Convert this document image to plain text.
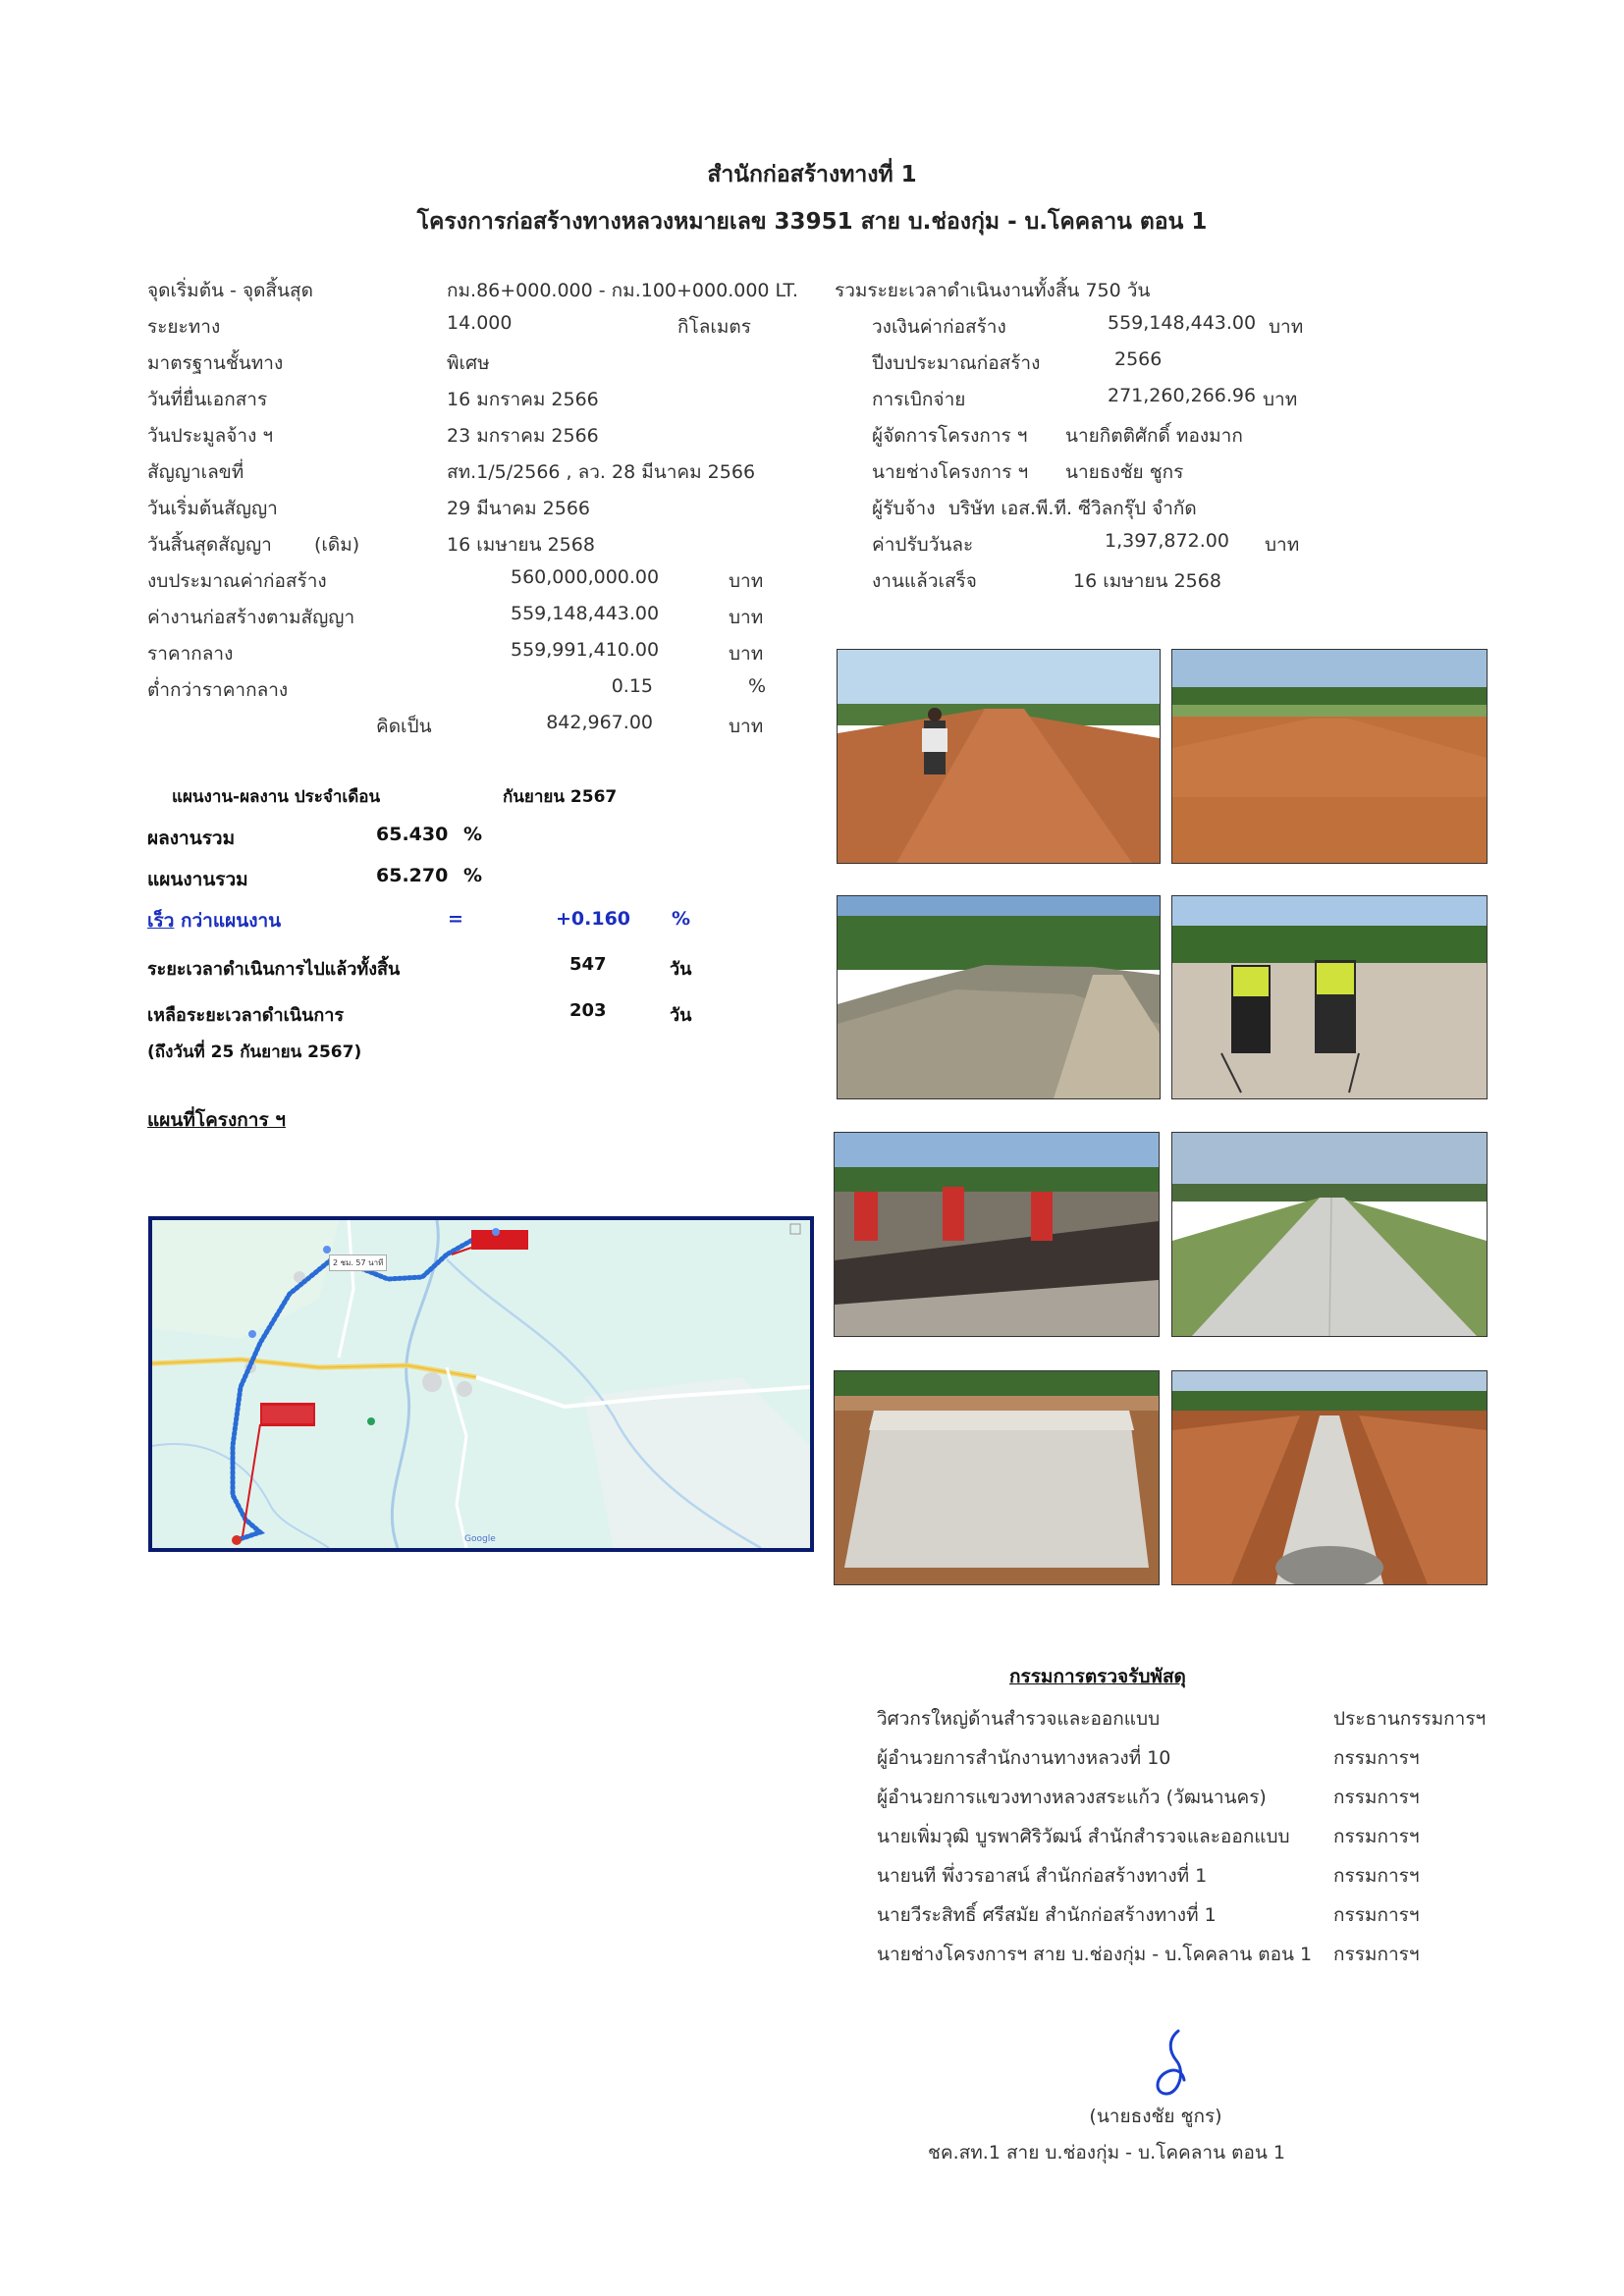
สำนักก่อสร้างทางที่ 1
โครงการก่อสร้างทางหลวงหมายเลข 33951 สาย บ.ช่องกุ่ม - บ.โคคลาน ตอน 1
จุดเริ่มต้น - จุดสิ้นสุด	กม.86+000.000 - กม.100+000.000 LT.
ระยะทาง	14.000	กิโลเมตร
มาตรฐานชั้นทาง	พิเศษ
วันที่ยื่นเอกสาร	16 มกราคม 2566
วันประมูลจ้าง ฯ	23 มกราคม 2566
สัญญาเลขที่	สท.1/5/2566 , ลว. 28 มีนาคม 2566
วันเริ่มต้นสัญญา	29 มีนาคม 2566
วันสิ้นสุดสัญญา (เดิม)	16 เมษายน 2568
รวมระยะเวลาดำเนินงานทั้งสิ้น 750 วัน
วงเงินค่าก่อสร้าง	559,148,443.00 บาท
ปีงบประมาณก่อสร้าง	2566
การเบิกจ่าย	271,260,266.96 บาท
ผู้จัดการโครงการ ฯ นายกิตติศักดิ์ ทองมาก
นายช่างโครงการ ฯ นายธงชัย ชูกร
ผู้รับจ้าง บริษัท เอส.พี.ที. ซีวิลกรุ๊ป จำกัด
ค่าปรับวันละ	1,397,872.00 บาท
งานแล้วเสร็จ	16 เมษายน 2568
งบประมาณค่าก่อสร้าง	560,000,000.00	บาท
ค่างานก่อสร้างตามสัญญา	559,148,443.00	บาท
ราคากลาง	559,991,410.00	บาท
ต่ำกว่าราคากลาง	0.15	%
คิดเป็น	842,967.00	บาท
แผนงาน-ผลงาน ประจำเดือน	กันยายน 2567
ผลงานรวม	65.430 %
แผนงานรวม	65.270 %
เร็ว กว่าแผนงาน	=	+0.160 %
ระยะเวลาดำเนินการไปแล้วทั้งสิ้น	547	วัน
เหลือระยะเวลาดำเนินการ	203	วัน
(ถึงวันที่ 25 กันยายน 2567)
แผนที่โครงการ ฯ
2 ชม. 57 นาที
Google
กรรมการตรวจรับพัสดุ
วิศวกรใหญ่ด้านสำรวจและออกแบบ	ประธานกรรมการฯ
ผู้อำนวยการสำนักงานทางหลวงที่ 10	กรรมการฯ
ผู้อำนวยการแขวงทางหลวงสระแก้ว (วัฒนานคร)	กรรมการฯ
นายเพิ่มวุฒิ บูรพาศิริวัฒน์ สำนักสำรวจและออกแบบ กรรมการฯ
นายนที พึ่งวรอาสน์ สำนักก่อสร้างทางที่ 1	กรรมการฯ
นายวีระสิทธิ์ ศรีสมัย สำนักก่อสร้างทางที่ 1	กรรมการฯ
นายช่างโครงการฯ สาย บ.ช่องกุ่ม - บ.โคคลาน ตอน 1 กรรมการฯ
(นายธงชัย ชูกร)
ชค.สท.1 สาย บ.ช่องกุ่ม - บ.โคคลาน ตอน 1
